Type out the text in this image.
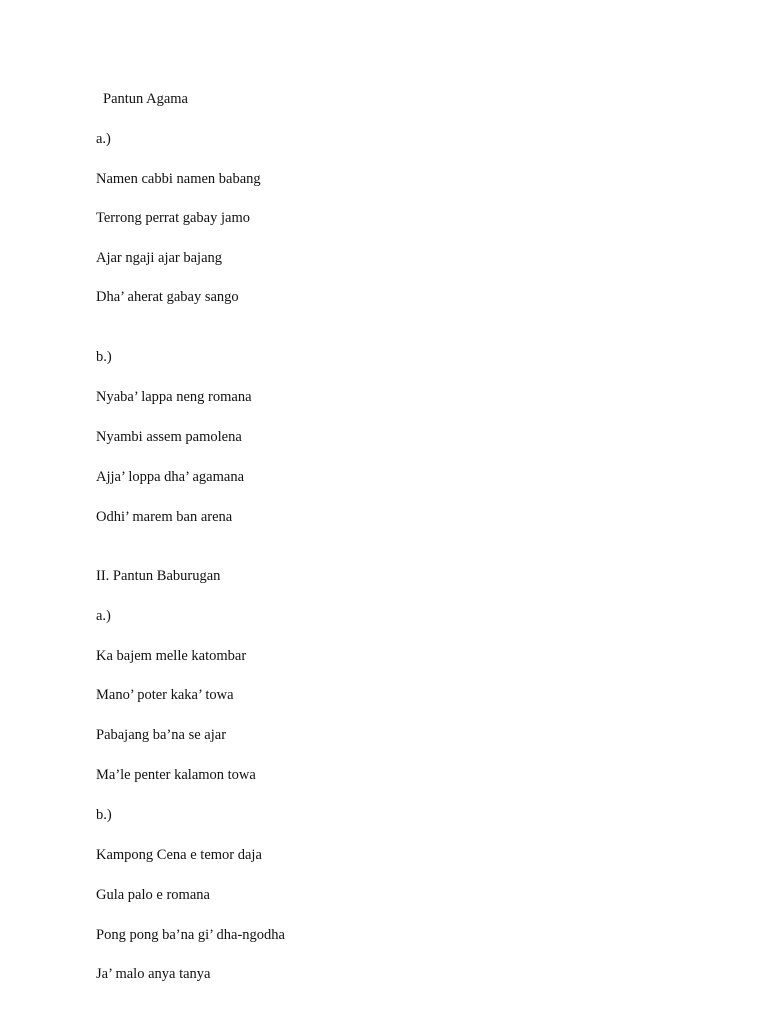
Pantun Agama

a.)

Namen cabbi namen babang

Terrong perrat gabay jamo

Ajar ngaji ajar bajang

Dha’ aherat gabay sango

b.)

Nyaba’ lappa neng romana

Nyambi assem pamolena

Ajja’ loppa dha’ agamana

Odhi’ marem ban arena

II. Pantun Baburugan

a.)

Ka bajem melle katombar

Mano’ poter kaka’ towa

Pabajang ba’na se ajar

Ma’le penter kalamon towa

b.)

Kampong Cena e temor daja

Gula palo e romana

Pong pong ba’na gi’ dha-ngodha

Ja’ malo anya tanya
